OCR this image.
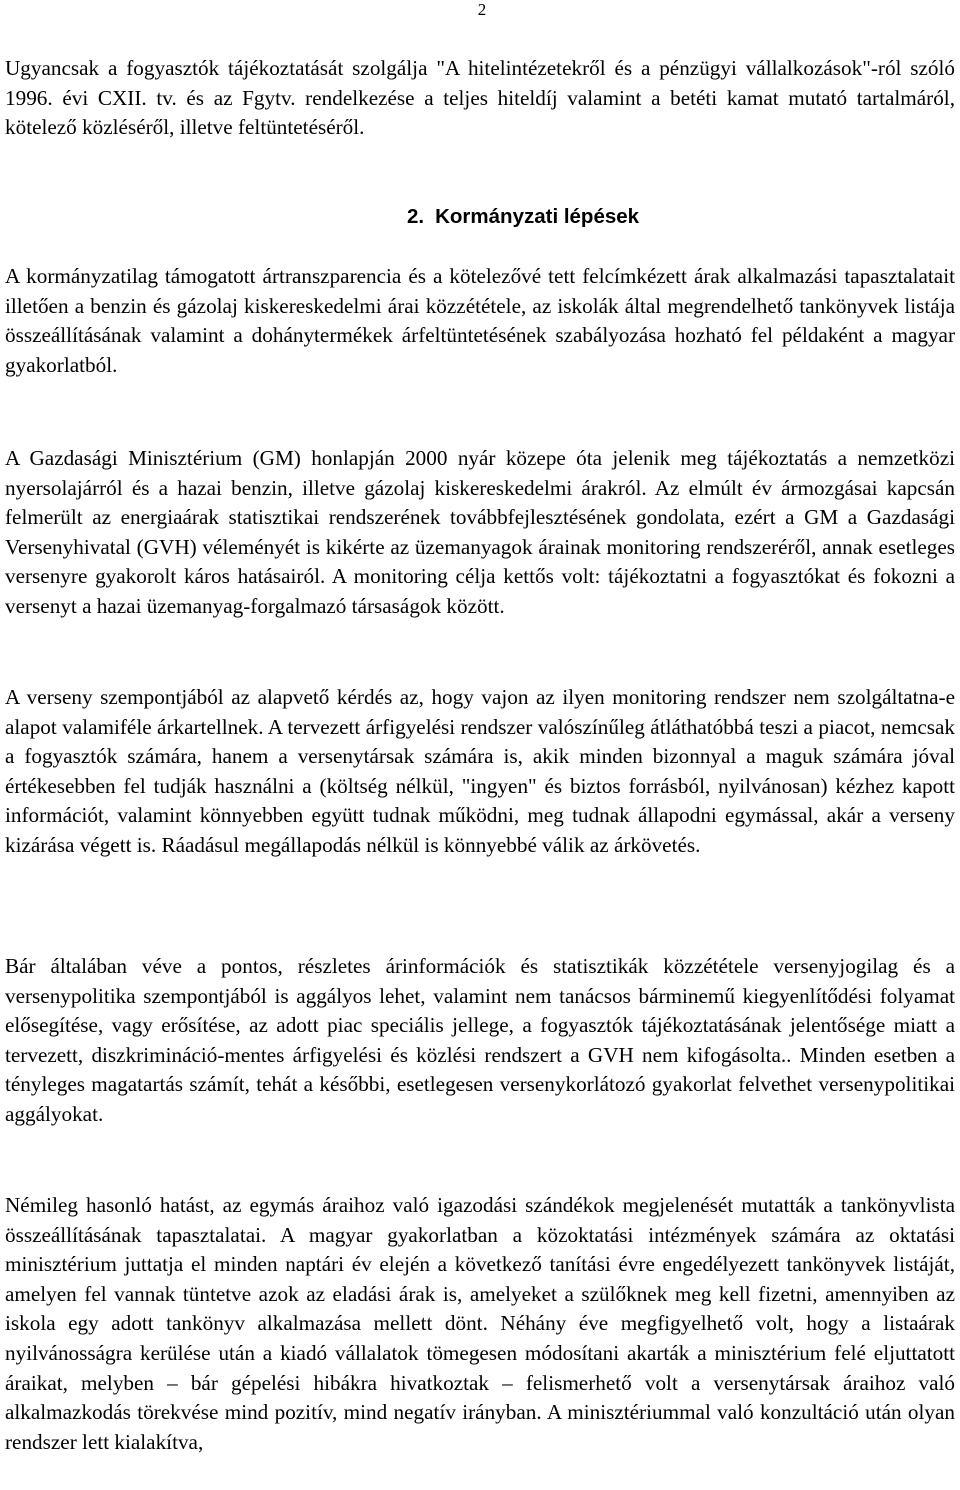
2

Ugyancsak a fogyasztók tájékoztatását szolgálja "A hitelintézetekről és a pénzügyi vállalkozások"-ról szóló 1996. évi CXII. tv. és az Fgytv. rendelkezése a teljes hiteldíj valamint a betéti kamat mutató tartalmáról, kötelező közléséről, illetve feltüntetéséről.

2. Kormányzati lépések

A kormányzatilag támogatott ártranszparencia és a kötelezővé tett felcímkézett árak alkalmazási tapasztalatait illetően a benzin és gázolaj kiskereskedelmi árai közzététele, az iskolák által megrendelhető tankönyvek listája összeállításának valamint a dohánytermékek árfeltüntetésének szabályozása hozható fel példaként a magyar gyakorlatból.

A Gazdasági Minisztérium (GM) honlapján 2000 nyár közepe óta jelenik meg tájékoztatás a nemzetközi nyersolajárról és a hazai benzin, illetve gázolaj kiskereskedelmi árakról. Az elmúlt év ármozgásai kapcsán felmerült az energiaárak statisztikai rendszerének továbbfejlesztésének gondolata, ezért a GM a Gazdasági Versenyhivatal (GVH) véleményét is kikérte az üzemanyagok árainak monitoring rendszeréről, annak esetleges versenyre gyakorolt káros hatásairól. A monitoring célja kettős volt: tájékoztatni a fogyasztókat és fokozni a versenyt a hazai üzemanyag-forgalmazó társaságok között.

A verseny szempontjából az alapvető kérdés az, hogy vajon az ilyen monitoring rendszer nem szolgáltatna-e alapot valamiféle árkartellnek. A tervezett árfigyelési rendszer valószínűleg átláthatóbbá teszi a piacot, nemcsak a fogyasztók számára, hanem a versenytársak számára is, akik minden bizonnyal a maguk számára jóval értékesebben fel tudják használni a (költség nélkül, "ingyen" és biztos forrásból, nyilvánosan) kézhez kapott információt, valamint könnyebben együtt tudnak működni, meg tudnak állapodni egymással, akár a verseny kizárása végett is. Ráadásul megállapodás nélkül is könnyebbé válik az árkövetés.

Bár általában véve a pontos, részletes árinformációk és statisztikák közzététele versenyjogilag és a versenypolitika szempontjából is aggályos lehet, valamint nem tanácsos bárminemű kiegyenlítődési folyamat elősegítése, vagy erősítése, az adott piac speciális jellege, a fogyasztók tájékoztatásának jelentősége miatt a tervezett, diszkrimináció-mentes árfigyelési és közlési rendszert a GVH nem kifogásolta.. Minden esetben a tényleges magatartás számít, tehát a későbbi, esetlegesen versenykorlátozó gyakorlat felvethet versenypolitikai aggályokat.

Némileg hasonló hatást, az egymás áraihoz való igazodási szándékok megjelenését mutatták a tankönyvlista összeállításának tapasztalatai. A magyar gyakorlatban a közoktatási intézmények számára az oktatási minisztérium juttatja el minden naptári év elején a következő tanítási évre engedélyezett tankönyvek listáját, amelyen fel vannak tüntetve azok az eladási árak is, amelyeket a szülőknek meg kell fizetni, amennyiben az iskola egy adott tankönyv alkalmazása mellett dönt. Néhány éve megfigyelhető volt, hogy a listaárak nyilvánosságra kerülése után a kiadó vállalatok tömegesen módosítani akarták a minisztérium felé eljuttatott áraikat, melyben – bár gépelési hibákra hivatkoztak – felismerhető volt a versenytársak áraihoz való alkalmazkodás törekvése mind pozitív, mind negatív irányban. A minisztériummal való konzultáció után olyan rendszer lett kialakítva,
